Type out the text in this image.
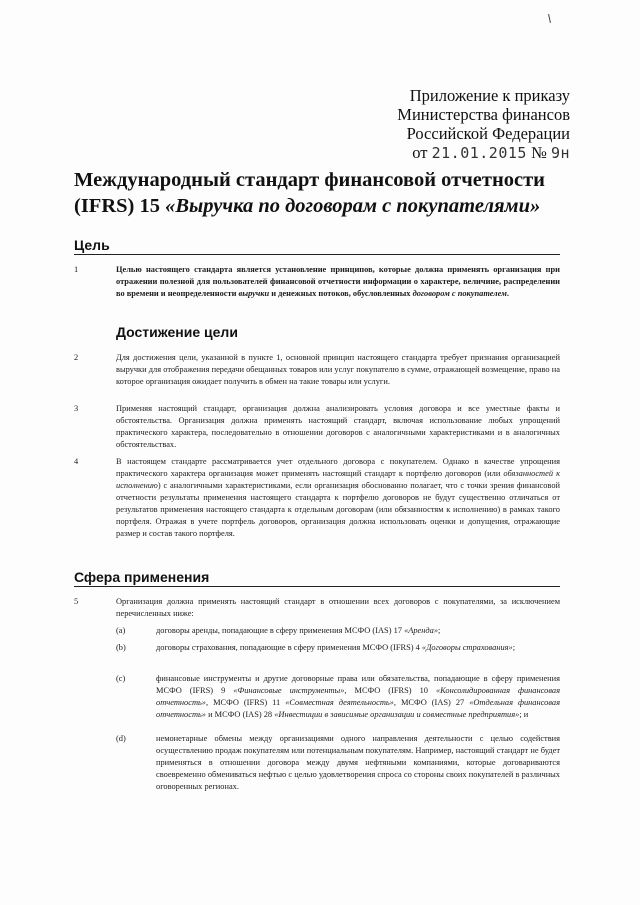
Приложение к приказу
Министерства финансов
Российской Федерации
от 21.01.2015 № 9н
Международный стандарт финансовой отчетности
(IFRS) 15 «Выручка по договорам с покупателями»
Цель
1	Целью настоящего стандарта является установление принципов, которые должна применять организация при отражении полезной для пользователей финансовой отчетности информации о характере, величине, распределении во времени и неопределенности выручки и денежных потоков, обусловленных договором с покупателем.
Достижение цели
2	Для достижения цели, указанной в пункте 1, основной принцип настоящего стандарта требует признания организацией выручки для отображения передачи обещанных товаров или услуг покупателю в сумме, отражающей возмещение, право на которое организация ожидает получить в обмен на такие товары или услуги.
3	Применяя настоящий стандарт, организация должна анализировать условия договора и все уместные факты и обстоятельства. Организация должна применять настоящий стандарт, включая использование любых упрощений практического характера, последовательно в отношении договоров с аналогичными характеристиками и в аналогичных обстоятельствах.
4	В настоящем стандарте рассматривается учет отдельного договора с покупателем. Однако в качестве упрощения практического характера организация может применять настоящий стандарт к портфелю договоров (или обязанностей к исполнению) с аналогичными характеристиками, если организация обоснованно полагает, что с точки зрения финансовой отчетности результаты применения настоящего стандарта к портфелю договоров не будут существенно отличаться от результатов применения настоящего стандарта к отдельным договорам (или обязанностям к исполнению) в рамках такого портфеля. Отражая в учете портфель договоров, организация должна использовать оценки и допущения, отражающие размер и состав такого портфеля.
Сфера применения
5	Организация должна применять настоящий стандарт в отношении всех договоров с покупателями, за исключением перечисленных ниже:
(a)	договоры аренды, попадающие в сферу применения МСФО (IAS) 17 «Аренда»;
(b)	договоры страхования, попадающие в сферу применения МСФО (IFRS) 4 «Договоры страхования»;
(c)	финансовые инструменты и другие договорные права или обязательства, попадающие в сферу применения МСФО (IFRS) 9 «Финансовые инструменты», МСФО (IFRS) 10 «Консолидированная финансовая отчетность», МСФО (IFRS) 11 «Совместная деятельность», МСФО (IAS) 27 «Отдельная финансовая отчетность» и МСФО (IAS) 28 «Инвестиции в зависимые организации и совместные предприятия»; и
(d)	немонетарные обмены между организациями одного направления деятельности с целью содействия осуществлению продаж покупателям или потенциальным покупателям. Например, настоящий стандарт не будет применяться в отношении договора между двумя нефтяными компаниями, которые договариваются своевременно обмениваться нефтью с целью удовлетворения спроса со стороны своих покупателей в различных оговоренных регионах.
